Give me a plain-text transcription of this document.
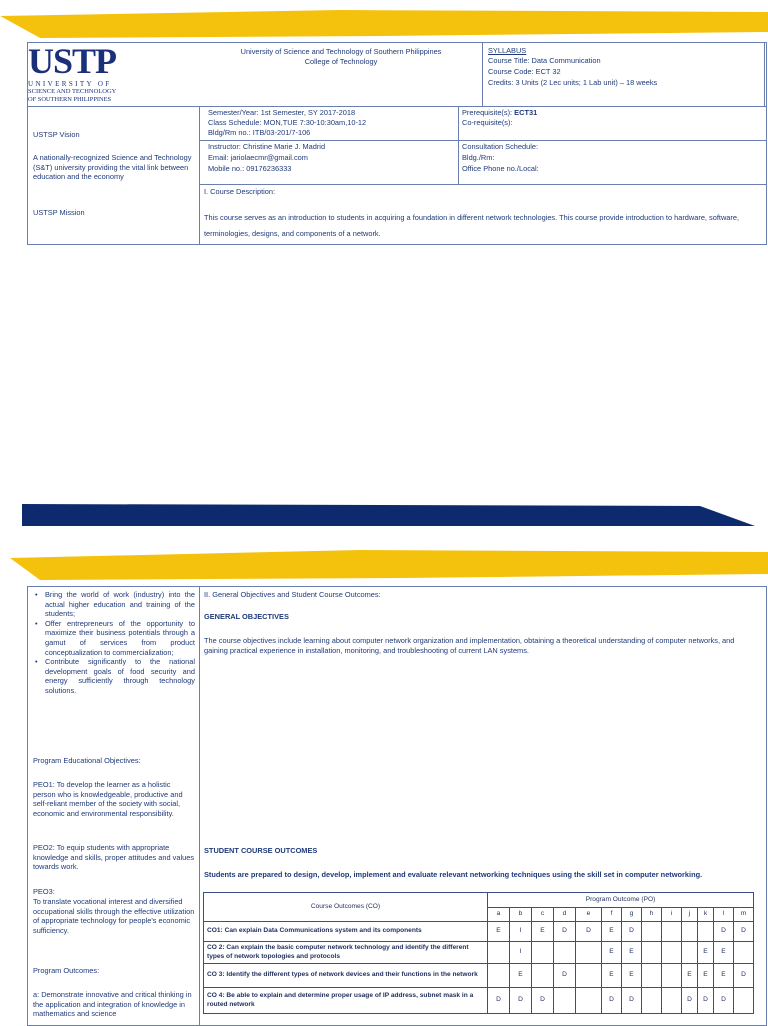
USTP
UNIVERSITY OF
SCIENCE AND TECHNOLOGY
OF SOUTHERN PHILIPPINES
University of Science and Technology of Southern Philippines
College of Technology
SYLLABUS
Course Title: Data Communication
Course Code: ECT 32
Credits: 3 Units (2 Lec units; 1 Lab unit) – 18 weeks
Semester/Year: 1st Semester, SY 2017-2018
Class Schedule: MON,TUE 7:30-10:30am,10-12
Bldg/Rm no.: ITB/03-201/7-106
Prerequisite(s): ECT31
Co-requisite(s):
Instructor: Christine Marie J. Madrid
Email: jariolaecmr@gmail.com
Mobile no.: 09176236333
Consultation Schedule:
Bldg./Rm:
Office Phone no./Local:
USTSP Vision
A nationally-recognized Science and Technology (S&T) university providing the vital link between education and the economy
USTSP Mission
I. Course Description:
This course serves as an introduction to students in acquiring a foundation in different network technologies. This course provide introduction to hardware, software, terminologies, designs, and components of a network.
• Bring the world of work (industry) into the actual higher education and training of the students;
• Offer entrepreneurs of the opportunity to maximize their business potentials through a gamut of services from product conceptualization to commercialization;
• Contribute significantly to the national development goals of food security and energy sufficiently through technology solutions.
Program Educational Objectives:
PEO1: To develop the learner as a holistic person who is knowledgeable, productive and self-reliant member of the society with social, economic and environmental responsibility.
PEO2: To equip students with appropriate knowledge and skills, proper attitudes and values towards work.
PEO3:
To translate vocational interest and diversified occupational skills through the effective utilization of appropriate technology for people's economic sufficiency.
Program Outcomes:
a: Demonstrate innovative and critical thinking in the application and integration of knowledge in mathematics and science
II. General Objectives and Student Course Outcomes:
GENERAL OBJECTIVES
The course objectives include learning about computer network organization and implementation, obtaining a theoretical understanding of computer networks, and gaining practical experience in installation, monitoring, and troubleshooting of current LAN systems.
STUDENT COURSE OUTCOMES
Students are prepared to design, develop, implement and evaluate relevant networking techniques using the skill set in computer networking.
Course Outcomes (CO)	Program Outcome (PO)												
	a	b	c	d	e	f	g	h	i	j	k	l	m
CO1: Can explain Data Communications system and its components	E	I	E	D	D	E	D					D	D
CO 2: Can explain the basic computer network technology and identify the different types of network topologies and protocols		I				E	E				E	E	
CO 3: Identify the different types of network devices and their functions in the network		E		D		E	E			E	E	E	D
CO 4: Be able to explain and determine proper usage of IP address, subnet mask in a routed network	D	D	D			D	D			D	D	D	
